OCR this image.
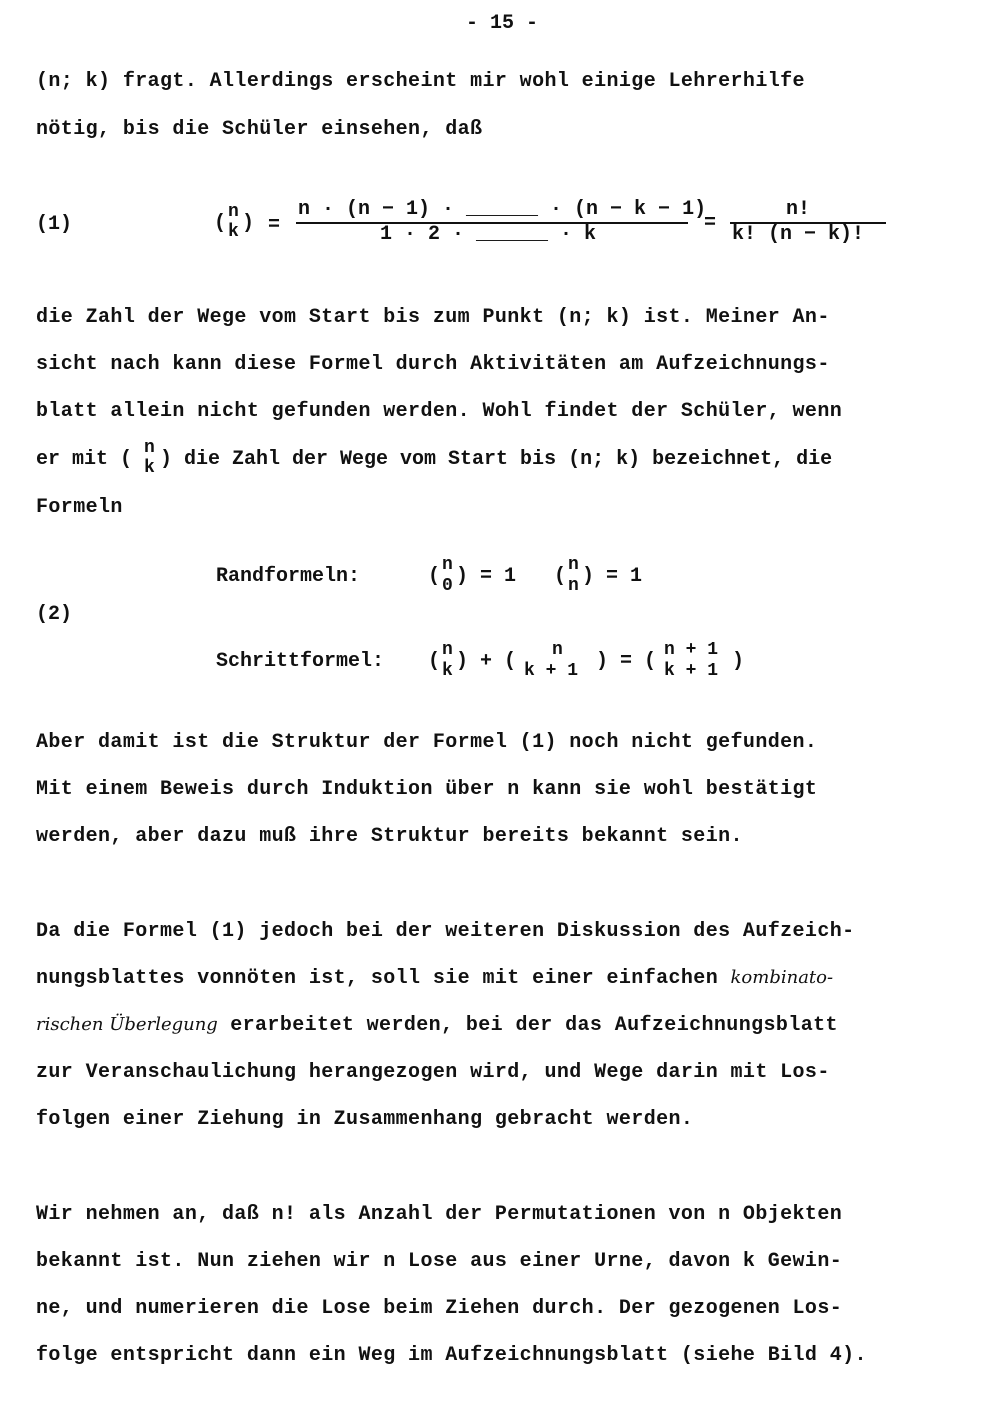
- 15 -
(n; k) fragt. Allerdings erscheint mir wohl einige Lehrerhilfe
nötig, bis die Schüler einsehen, daß
(1)	( n
k ) =
n · (n − 1) · ______ · (n − k − 1)
1 · 2 · ______ · k	=
n!
k! (n − k)!
die Zahl der Wege vom Start bis zum Punkt (n; k) ist. Meiner An-
sicht nach kann diese Formel durch Aktivitäten am Aufzeichnungs-
blatt allein nicht gefunden werden. Wohl findet der Schüler, wenn
er mit ( n
k ) die Zahl der Wege vom Start bis (n; k) bezeichnet, die
Formeln
(2)
Randformeln:	( n
0 ) = 1 ( n
n ) = 1
Schrittformel: ( n
k ) + ( n
k + 1 ) = ( n + 1
k + 1 )
Aber damit ist die Struktur der Formel (1) noch nicht gefunden.
Mit einem Beweis durch Induktion über n kann sie wohl bestätigt
werden, aber dazu muß ihre Struktur bereits bekannt sein.
Da die Formel (1) jedoch bei der weiteren Diskussion des Aufzeich-
nungsblattes vonnöten ist, soll sie mit einer einfachen kombinato-
rischen Überlegung erarbeitet werden, bei der das Aufzeichnungsblatt
zur Veranschaulichung herangezogen wird, und Wege darin mit Los-
folgen einer Ziehung in Zusammenhang gebracht werden.
Wir nehmen an, daß n! als Anzahl der Permutationen von n Objekten
bekannt ist. Nun ziehen wir n Lose aus einer Urne, davon k Gewin-
ne, und numerieren die Lose beim Ziehen durch. Der gezogenen Los-
folge entspricht dann ein Weg im Aufzeichnungsblatt (siehe Bild 4).
